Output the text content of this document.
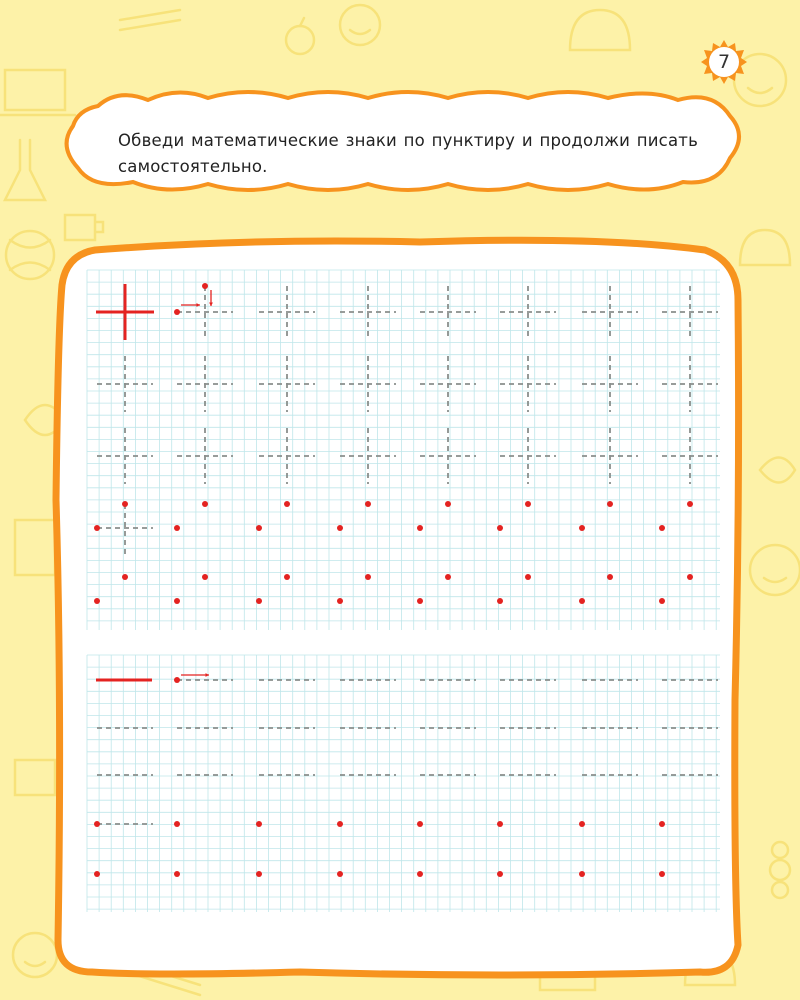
7
Обведи математические знаки по пунктиру и продолжи писать самостоятельно.
